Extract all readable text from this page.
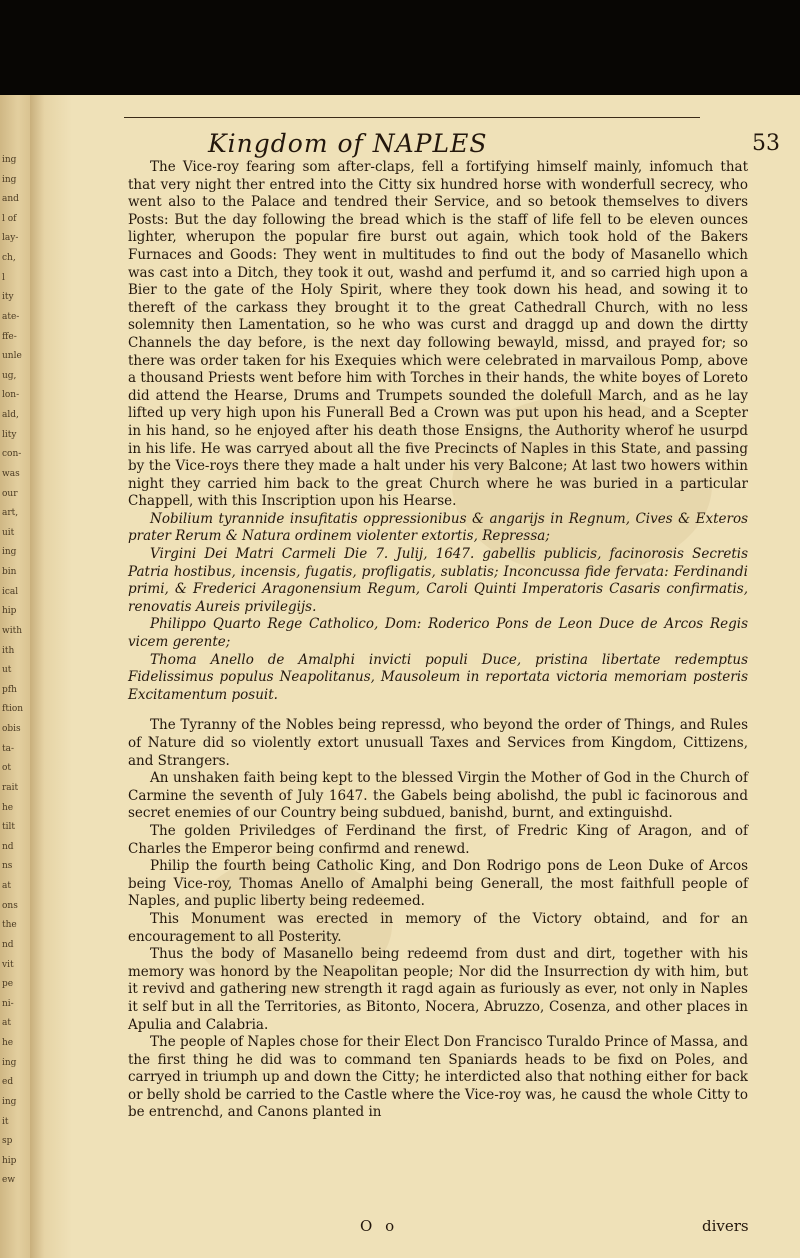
ing
ing
and
l of
lay-
ch,
l
ity
ate-
ffe-
unle
ug,
lon-
ald,
lity
con-
was
our
art,
uit
ing
bin
ical
hip
with
ith
ut
pfh
ftion
obis
ta-
ot
rait
he
tilt
nd
ns
at
ons
the
nd
vit
pe
ni-
at
he
ing
ed
ing
it
sp
hip
ew
Kingdom of NAPLES	53

The Vice-roy fearing som after-claps, fell a fortifying himself mainly, infomuch that that very night ther entred into the Citty six hundred horse with wonderfull secrecy, who went also to the Palace and tendred their Service, and so betook themselves to divers Posts: But the day following the bread which is the staff of life fell to be eleven ounces lighter, wherupon the popular fire burst out again, which took hold of the Bakers Furnaces and Goods: They went in multitudes to find out the body of Masanello which was cast into a Ditch, they took it out, washd and perfumd it, and so carried high upon a Bier to the gate of the Holy Spirit, where they took down his head, and sowing it to thereft of the carkass they brought it to the great Cathedrall Church, with no less solemnity then Lamentation, so he who was curst and draggd up and down the dirtty Channels the day before, is the next day following bewayld, missd, and prayed for; so there was order taken for his Exequies which were celebrated in marvailous Pomp, above a thousand Priests went before him with Torches in their hands, the white boyes of Loreto did attend the Hearse, Drums and Trumpets sounded the dolefull March, and as he lay lifted up very high upon his Funerall Bed a Crown was put upon his head, and a Scepter in his hand, so he enjoyed after his death those Ensigns, the Authority wherof he usurpd in his life. He was carryed about all the five Precincts of Naples in this State, and passing by the Vice-roys there they made a halt under his very Balcone; At last two howers within night they carried him back to the great Church where he was buried in a particular Chappell, with this Inscription upon his Hearse.

Nobilium tyrannide insufitatis oppressionibus & angarijs in Regnum, Cives & Exteros prater Rerum & Natura ordinem violenter extortis, Repressa;

Virgini Dei Matri Carmeli Die 7. Julij, 1647. gabellis publicis, facinorosis Secretis Patria hostibus, incensis, fugatis, profligatis, sublatis; Inconcussa fide fervata: Ferdinandi primi, & Frederici Aragonensium Regum, Caroli Quinti Imperatoris Casaris confirmatis, renovatis Aureis privilegijs.

Philippo Quarto Rege Catholico, Dom: Roderico Pons de Leon Duce de Arcos Regis vicem gerente;

Thoma Anello de Amalphi invicti populi Duce, pristina libertate redemptus Fidelissimus populus Neapolitanus, Mausoleum in reportata victoria memoriam posteris Excitamentum posuit.

The Tyranny of the Nobles being repressd, who beyond the order of Things, and Rules of Nature did so violently extort unusuall Taxes and Services from Kingdom, Cittizens, and Strangers.

An unshaken faith being kept to the blessed Virgin the Mother of God in the Church of Carmine the seventh of July 1647. the Gabels being abolishd, the publ ic facinorous and secret enemies of our Country being subdued, banishd, burnt, and extinguishd.

The golden Priviledges of Ferdinand the first, of Fredric King of Aragon, and of Charles the Emperor being confirmd and renewd.

Philip the fourth being Catholic King, and Don Rodrigo pons de Leon Duke of Arcos being Vice-roy, Thomas Anello of Amalphi being Generall, the most faithfull people of Naples, and puplic liberty being redeemed.

This Monument was erected in memory of the Victory obtaind, and for an encouragement to all Posterity.

Thus the body of Masanello being redeemd from dust and dirt, together with his memory was honord by the Neapolitan people; Nor did the Insurrection dy with him, but it revivd and gathering new strength it ragd again as furiously as ever, not only in Naples it self but in all the Territories, as Bitonto, Nocera, Abruzzo, Cosenza, and other places in Apulia and Calabria.

The people of Naples chose for their Elect Don Francisco Turaldo Prince of Massa, and the first thing he did was to command ten Spaniards heads to be fixd on Poles, and carryed in triumph up and down the Citty; he interdicted also that nothing either for back or belly shold be carried to the Castle where the Vice-roy was, he causd the whole Citty to be entrenchd, and Canons planted in

O o	divers
